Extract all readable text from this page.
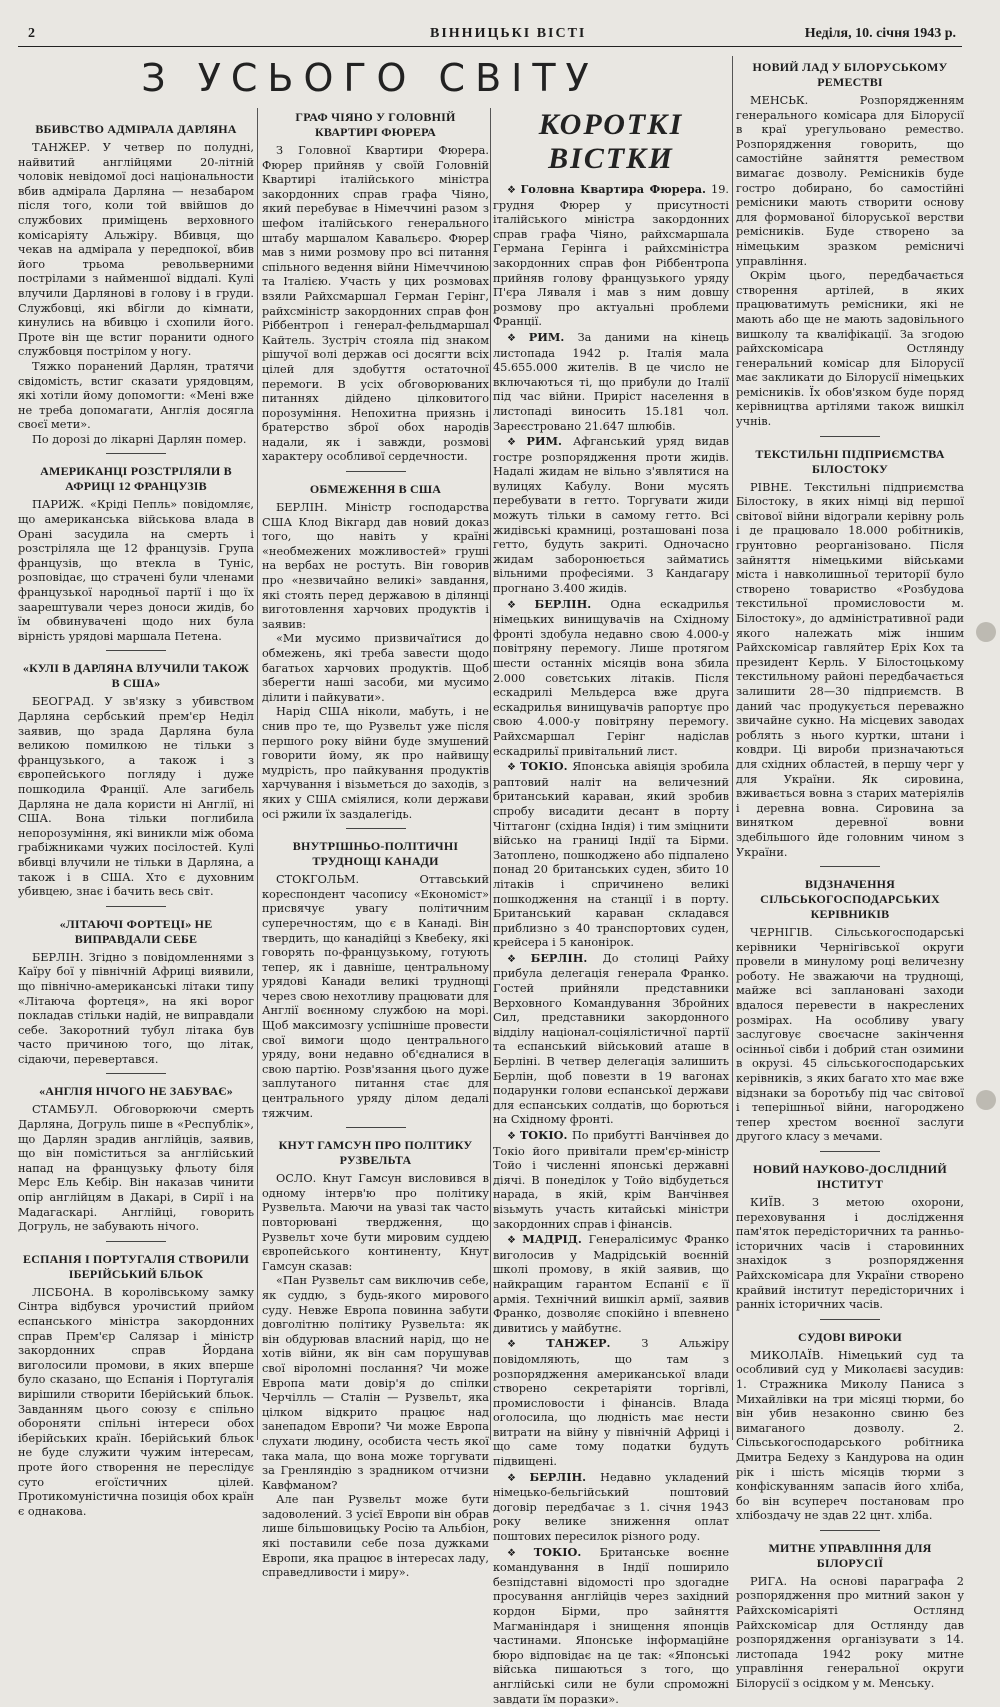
2	ВІННИЦЬКІ ВІСТІ	Неділя, 10. січня 1943 р.
З УСЬОГО СВІТУ
ВБИВСТВО АДМІРАЛА ДАРЛЯНА

ТАНЖЕР. У четвер по полудні, найвитий англійцями 20-літній чоловік невідомої досі національности вбив адмірала Дарляна — незабаром після того, коли той ввійшов до службових приміщень верховного комісаріяту Альжіру. Вбивця, що чекав на адмірала у передпокої, вбив його трьома револьверними пострілами з найменшої віддалі. Кулі влучили Дарлянові в голову і в груди. Службовці, які вбігли до кімнати, кинулись на вбивцю і схопили його. Проте він ще встиг поранити одного службовця пострілом у ногу.

Тяжко поранений Дарлян, тратячи свідомість, встиг сказати урядовцям, які хотіли йому допомогти: «Мені вже не треба допомагати, Англія досягла своєї мети».

По дорозі до лікарні Дарлян помер.

АМЕРИКАНЦІ РОЗСТРІЛЯЛИ В АФРИЦІ 12 ФРАНЦУЗІВ

ПАРИЖ. «Кріді Пепль» повідомляє, що американська військова влада в Орані засудила на смерть і розстріляла ще 12 французів. Група французів, що втекла в Туніс, розповідає, що страчені були членами французької народньої партії і що їх заарештували через доноси жидів, бо їм обвинувачені щодо них була вірність урядові маршала Петена.

«КУЛІ В ДАРЛЯНА ВЛУЧИЛИ ТАКОЖ В США»

БЕОГРАД. У зв'язку з убивством Дарляна сербський прем'єр Неділ заявив, що зрада Дарляна була великою помилкою не тільки з французького, а також і з європейського погляду і дуже пошкодила Франції. Але загибель Дарляна не дала користи ні Англії, ні США. Вона тільки поглибила непорозуміння, які виникли між обома грабіжниками чужих посілостей. Кулі вбивці влучили не тільки в Дарляна, а також і в США. Хто є духовним убивцею, знає і бачить весь світ.

«ЛІТАЮЧІ ФОРТЕЦІ» НЕ ВИПРАВДАЛИ СЕБЕ

БЕРЛІН. Згідно з повідомленнями з Каїру бої у північній Африці виявили, що північно-американські літаки типу «Літаюча фортеця», на які ворог покладав стільки надій, не виправдали себе. Закоротний тубул літака був часто причиною того, що літак, сідаючи, перевертався.

«АНГЛІЯ НІЧОГО НЕ ЗАБУВАЄ»

СТАМБУЛ. Обговорюючи смерть Дарляна, Догруль пише в «Республік», що Дарлян зрадив англійців, заявив, що він поміститься за англійський напад на французьку фльоту біля Мерс Ель Кебір. Він наказав чинити опір англійцям в Дакарі, в Сирії і на Мадагаскарі. Англійці, говорить Догруль, не забувають нічого.

ЕСПАНІЯ І ПОРТУГАЛІЯ СТВОРИЛИ ІБЕРІЙСЬКИЙ БЛЬОК

ЛІСБОНА. В королівському замку Сінтра відбувся урочистий прийом еспанського міністра закордонних справ Прем'єр Салязар і міністр закордонних справ Йордана виголосили промови, в яких вперше було сказано, що Еспанія і Португалія вирішили створити Іберійський бльок. Завданням цього союзу є спільно обороняти спільні інтереси обох іберійських країн. Іберійський бльок не буде служити чужим інтересам, проте його створення не переслідує суто егоїстичних цілей. Протикомуністична позиція обох країн є однакова.

ГРАФ ЧІЯНО У ГОЛОВНІЙ КВАРТИРІ ФЮРЕРА

З Головної Квартири Фюрера. Фюрер прийняв у своїй Головній Квартирі італійського міністра закордонних справ графа Чіяно, який перебуває в Німеччині разом з шефом італійського генерального штабу маршалом Кавальєро. Фюрер мав з ними розмову про всі питання спільного ведення війни Німеччиною та Італією. Участь у цих розмовах взяли Райхсмаршал Герман Герінг, райхсміністр закордонних справ фон Ріббентроп і генерал-фельдмаршал Кайтель. Зустріч стояла під знаком рішучої волі держав осі досягти всіх цілей для здобуття остаточної перемоги. В усіх обговорюваних питаннях дійдено цілковитого порозуміння. Непохитна приязнь і братерство зброї обох народів надали, як і завжди, розмові характеру особливої сердечности.

ОБМЕЖЕННЯ В США

БЕРЛІН. Міністр господарства США Клод Вікгард дав новий доказ того, що навіть у країні «необмежених можливостей» груші на вербах не ростуть. Він говорив про «незвичайно великі» завдання, які стоять перед державою в ділянці виготовлення харчових продуктів і заявив:

«Ми мусимо призвичаїтися до обмежень, які треба завести щодо багатьох харчових продуктів. Щоб зберегти наші засоби, ми мусимо ділити і пайкувати».

Нарід США ніколи, мабуть, і не снив про те, що Рузвельт уже після першого року війни буде змушений говорити йому, як про найвищу мудрість, про пайкування продуктів харчування і візьметься до заходів, з яких у США сміялися, коли держави осі ржили їх заздалегідь.

ВНУТРІШНЬО-ПОЛІТИЧНІ ТРУДНОЩІ КАНАДИ

СТОКГОЛЬМ. Оттавський кореспондент часопису «Економіст» присвячує увагу політичним суперечностям, що є в Канаді. Він твердить, що канадійці з Квебеку, які говорять по-французькому, готують тепер, як і давніше, центральному урядові Канади великі труднощі через свою нехотливу працювати для Англії воєнному службою на морі. Щоб максимозгу успішніше провести свої вимоги щодо центрального уряду, вони недавно об'єдналися в свою партію. Розв'язання цього дуже заплутаного питання стає для центрального уряду ділом дедалі тяжчим.

КНУТ ГАМСУН ПРО ПОЛІТИКУ РУЗВЕЛЬТА

ОСЛО. Кнут Гамсун висловився в одному інтерв'ю про політику Рузвельта. Маючи на увазі так часто повторювані твердження, що Рузвельт хоче бути мировим суддею європейського континенту, Кнут Гамсун сказав:

«Пан Рузвельт сам виключив себе, як суддю, з будь-якого мирового суду. Невже Европа повинна забути довголітню політику Рузвельта: як він обдурював власний нарід, що не хотів війни, як він сам порушував свої віроломні послання? Чи може Европа мати довір'я до спілки Черчілль — Сталін — Рузвельт, яка цілком відкрито працює над занепадом Европи? Чи може Европа слухати людину, особиста честь якої така мала, що вона може торгувати за Гренляндію з зрадником отчизни Кавфманом?

Але пан Рузвельт може бути задоволений. З усієї Европи він обрав лише більшовицьку Росію та Альбіон, які поставили себе поза дужками Европи, яка працює в інтересах ладу, справедливости і миру».

КОРОТКІ ВІСТКИ

❖ Головна Квартира Фюрера. 19. грудня Фюрер у присутності італійського міністра закордонних справ графа Чіяно, райхсмаршала Германа Герінга і райхсміністра закордонних справ фон Ріббентропа прийняв голову французького уряду П'єра Ляваля і мав з ним довшу розмову про актуальні проблеми Франції.

❖ РИМ. За даними на кінець листопада 1942 р. Італія мала 45.655.000 жителів. В це число не включаються ті, що прибули до Італії під час війни. Приріст населення в листопаді виносить 15.181 чол. Зареєстровано 21.647 шлюбів.

❖ РИМ. Афганський уряд видав гостре розпорядження проти жидів. Надалі жидам не вільно з'являтися на вулицях Кабулу. Вони мусять перебувати в гетто. Торгувати жиди можуть тільки в самому гетто. Всі жидівські крамниці, розташовані поза гетто, будуть закриті. Одночасно жидам заборонюється займатись вільними професіями. З Кандагару прогнано 3.400 жидів.

❖ БЕРЛІН. Одна ескадрилья німецьких винищувачів на Східному фронті здобула недавно свою 4.000-у повітряну перемогу. Лише протягом шести останніх місяців вона збила 2.000 совєтських літаків. Після ескадрилі Мельдерса вже друга ескадрилья винищувачів рапортує про свою 4.000-у повітряну перемогу. Райхсмаршал Герінг надіслав ескадрильї привітальний лист.

❖ ТОКІО. Японська авіяція зробила раптовий наліт на величезний британський караван, який зробив спробу висадити десант в порту Чіттагонг (східна Індія) і тим зміцнити військо на границі Індії та Бірми. Затоплено, пошкоджено або підпалено понад 20 британських суден, збито 10 літаків і спричинено великі пошкодження на станції і в порту. Британський караван складався приблизно з 40 транспортових суден, крейсера і 5 канонірок.

❖ БЕРЛІН. До столиці Райху прибула делегація генерала Франко. Гостей прийняли представники Верховного Командування Збройних Сил, представники закордонного відділу націонал-соціялістичної партії та еспанський військовий аташе в Берліні. В четвер делегація залишить Берлін, щоб повезти в 19 вагонах подарунки голови еспанської держави для еспанських солдатів, що борються на Східному фронті.

❖ ТОКІО. По прибутті Ванчінвея до Токіо його привітали прем'єр-міністр Тойо і численні японські державні діячі. В понеділок у Тойо відбудеться нарада, в якій, крім Ванчінвея візьмуть участь китайські міністри закордонних справ і фінансів.

❖ МАДРІД. Генералісимус Франко виголосив у Мадрідській воєнній школі промову, в якій заявив, що найкращим гарантом Еспанії є її армія. Технічний вишкіл армії, заявив Франко, дозволяє спокійно і впевнено дивитись у майбутнє.

❖ ТАНЖЕР.	З Альжіру повідомляють, що там з розпорядження американської влади створено секретаріяти торгівлі, промисловости і фінансів. Влада оголосила, що людність має нести витрати на війну у північній Африці і що саме тому податки будуть підвищені.

❖ БЕРЛІН. Недавно укладений німецько-бельгійський поштовий договір передбачає з 1. січня 1943 року велике зниження оплат поштових пересилок різного роду.

❖ ТОКІО. Британське воєнне командування в Індії поширило безпідставні відомості про здогадне просування англійців через західний кордон Бірми, про зайняття Магманіндаря і знищення японців частинами. Японське інформаційне бюро відповідає на це так: «Японські війська пишаються з того, що англійські сили не були спроможні завдати їм поразки».

НОВИЙ ЛАД У БІЛОРУСЬКОМУ РЕМЕСТВІ

МЕНСЬК. Розпорядженням генерального комісара для Білорусії в краї урегульовано ремество. Розпорядження говорить, що самостійне зайняття ремеством вимагає дозволу. Ремісників буде гостро добирано, бо самостійні ремісники мають створити основу для формованої білоруської верстви ремісників. Буде створено за німецьким зразком ремісничі управління.

Окрім цього, передбачається створення артілей, в яких працюватимуть ремісники, які не мають або ще не мають задовільного вишколу та кваліфікації. За згодою райхскомісара Остлянду генеральний комісар для Білорусії має закликати до Білорусії німецьких ремісників. Їх обов'язком буде поряд керівництва артілями також вишкіл учнів.

ТЕКСТИЛЬНІ ПІДПРИЄМСТВА БІЛОСТОКУ

РІВНЕ. Текстильні підприємства Білостоку, в яких німці від першої світової війни відограли керівну роль і де працювало 18.000 робітників, грунтовно реорганізовано. Після зайняття німецькими військами міста і навколишньої території було створено товариство «Розбудова текстильної промисловости м. Білостоку», до адміністративної ради якого належать між іншим Райхскомісар гавляйтер Еріх Кох та президент Керль. У Білостоцькому текстильному районі передбачається залишити 28—30 підприємств. В даний час продукується переважно звичайне сукно. На місцевих заводах роблять з нього куртки, штани і ковдри. Ці вироби призначаються для східних областей, в першу черг у для України. Як сировина, вживається вовна з старих матеріялів і деревна вовна. Сировина за винятком деревної вовни здебільшого йде головним чином з України.

ВІДЗНАЧЕННЯ СІЛЬСЬКОГОСПОДАРСЬКИХ КЕРІВНИКІВ

ЧЕРНІГІВ. Сільськогосподарські керівники Чернігівської округи провели в минулому році величезну роботу. Не зважаючи на труднощі, майже всі заплановані заходи вдалося перевести в накреслених розмірах. На особливу увагу заслуговує своєчасне закінчення осінньої сівби і добрий стан озимини в окрузі. 45 сільськогосподарських керівників, з яких багато хто має вже відзнаки за боротьбу під час світової і теперішньої війни, нагороджено тепер хрестом воєнної заслуги другого класу з мечами.

НОВИЙ НАУКОВО-ДОСЛІДНИЙ ІНСТИТУТ

КИЇВ. З метою охорони, переховування і дослідження пам'яток передісторичних та ранньо-історичних часів і старовинних знахідок з розпорядження Райхскомісара для України створено крайвий інститут передісторичних і ранніх історичних часів.

СУДОВІ ВИРОКИ

МИКОЛАЇВ. Німецький суд та особливий суд у Миколаєві засудив: 1. Стражника Миколу Паниса з Михайлівки на три місяці тюрми, бо він убив незаконно свиню без вимаганого дозволу. 2. Сільськогосподарського робітника Дмитра Бедеху з Кандурова на один рік і шість місяців тюрми з конфіскуванням запасів його хліба, бо він всупереч постановам про хлібоздачу не здав 22 цнт. хліба.

МИТНЕ УПРАВЛІННЯ ДЛЯ БІЛОРУСІЇ

РИГА. На основі параграфа 2 розпорядження про митний закон у Райхскомісаріяті Остлянд Райхскомісар для Остлянду дав розпорядження організувати з 14. листопада 1942 року митне управління генеральної округи Білорусії з осідком у м. Менську.
